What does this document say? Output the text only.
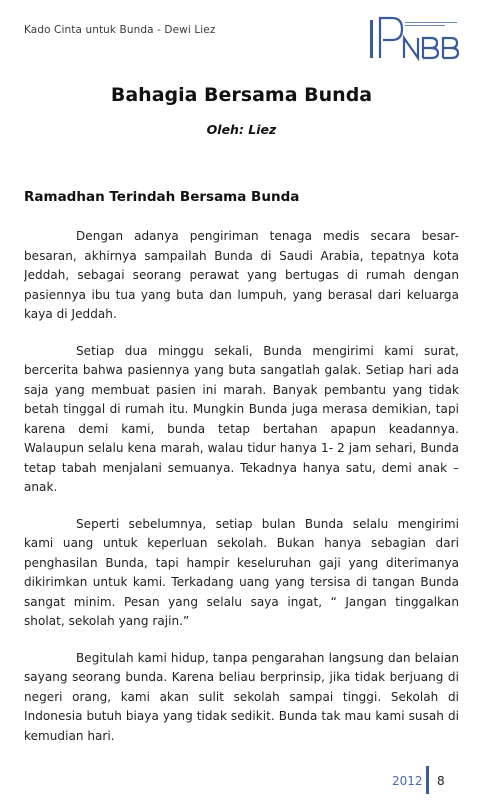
Kado Cinta untuk Bunda - Dewi Liez
Bahagia Bersama Bunda
Oleh: Liez
Ramadhan Terindah Bersama Bunda

Dengan adanya pengiriman tenaga medis secara besar-besaran, akhirnya sampailah Bunda di Saudi Arabia, tepatnya kota Jeddah, sebagai seorang perawat yang bertugas di rumah dengan pasiennya ibu tua yang buta dan lumpuh, yang berasal dari keluarga kaya di Jeddah.

Setiap dua minggu sekali, Bunda mengirimi kami surat, bercerita bahwa pasiennya yang buta sangatlah galak. Setiap hari ada saja yang membuat pasien ini marah. Banyak pembantu yang tidak betah tinggal di rumah itu. Mungkin Bunda juga merasa demikian, tapi karena demi kami, bunda tetap bertahan apapun keadannya. Walaupun selalu kena marah, walau tidur hanya 1- 2 jam sehari, Bunda tetap tabah menjalani semuanya. Tekadnya hanya satu, demi anak –anak.

Seperti sebelumnya, setiap bulan Bunda selalu mengirimi kami uang untuk keperluan sekolah. Bukan hanya sebagian dari penghasilan Bunda, tapi hampir keseluruhan gaji yang diterimanya dikirimkan untuk kami. Terkadang uang yang tersisa di tangan Bunda sangat minim. Pesan yang selalu saya ingat, “ Jangan tinggalkan sholat, sekolah yang rajin.”

Begitulah kami hidup, tanpa pengarahan langsung dan belaian sayang seorang bunda. Karena beliau berprinsip, jika tidak berjuang di negeri orang, kami akan sulit sekolah sampai tinggi. Sekolah di Indonesia butuh biaya yang tidak sedikit. Bunda tak mau kami susah di kemudian hari.

2012 8
